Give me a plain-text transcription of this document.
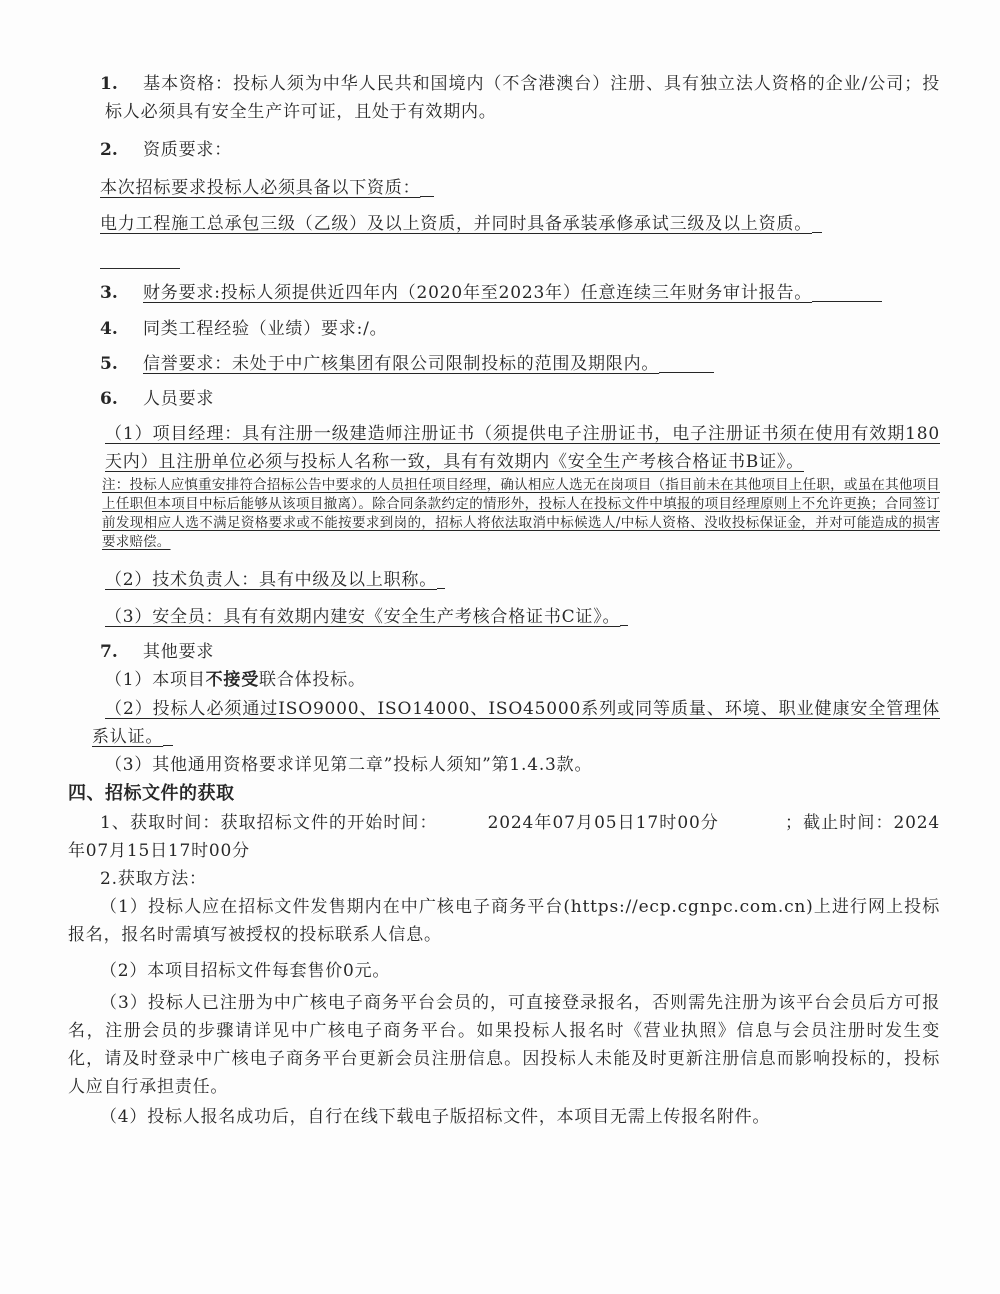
1. 基本资格：投标人须为中华人民共和国境内（不含港澳台）注册、具有独立法人资格的企业/公司；投标人必须具有安全生产许可证，且处于有效期内。

2. 资质要求：

本次招标要求投标人必须具备以下资质：

电力工程施工总承包三级（乙级）及以上资质，并同时具备承装承修承试三级及以上资质。

3. 财务要求:投标人须提供近四年内（2020年至2023年）任意连续三年财务审计报告。

4. 同类工程经验（业绩）要求:/。

5. 信誉要求：未处于中广核集团有限公司限制投标的范围及期限内。

6. 人员要求

（1）项目经理：具有注册一级建造师注册证书（须提供电子注册证书，电子注册证书须在使用有效期180天内）且注册单位必须与投标人名称一致，具有有效期内《安全生产考核合格证书B证》。

注：投标人应慎重安排符合招标公告中要求的人员担任项目经理，确认相应人选无在岗项目（指目前未在其他项目上任职，或虽在其他项目上任职但本项目中标后能够从该项目撤离）。除合同条款约定的情形外，投标人在投标文件中填报的项目经理原则上不允许更换；合同签订前发现相应人选不满足资格要求或不能按要求到岗的，招标人将依法取消中标候选人/中标人资格、没收投标保证金，并对可能造成的损害要求赔偿。

（2）技术负责人：具有中级及以上职称。

（3）安全员：具有有效期内建安《安全生产考核合格证书C证》。

7. 其他要求

（1）本项目不接受联合体投标。

（2）投标人必须通过ISO9000、ISO14000、ISO45000系列或同等质量、环境、职业健康安全管理体系认证。

（3）其他通用资格要求详见第二章”投标人须知”第1.4.3款。

四、招标文件的获取

1、获取时间：获取招标文件的开始时间：	2024年07月05日17时00分	；截止时间：2024年07月15日17时00分

2.获取方法：

（1）投标人应在招标文件发售期内在中广核电子商务平台(https://ecp.cgnpc.com.cn)上进行网上投标报名，报名时需填写被授权的投标联系人信息。

（2）本项目招标文件每套售价0元。

（3）投标人已注册为中广核电子商务平台会员的，可直接登录报名，否则需先注册为该平台会员后方可报名，注册会员的步骤请详见中广核电子商务平台。如果投标人报名时《营业执照》信息与会员注册时发生变化，请及时登录中广核电子商务平台更新会员注册信息。因投标人未能及时更新注册信息而影响投标的，投标人应自行承担责任。

（4）投标人报名成功后，自行在线下载电子版招标文件，本项目无需上传报名附件。
